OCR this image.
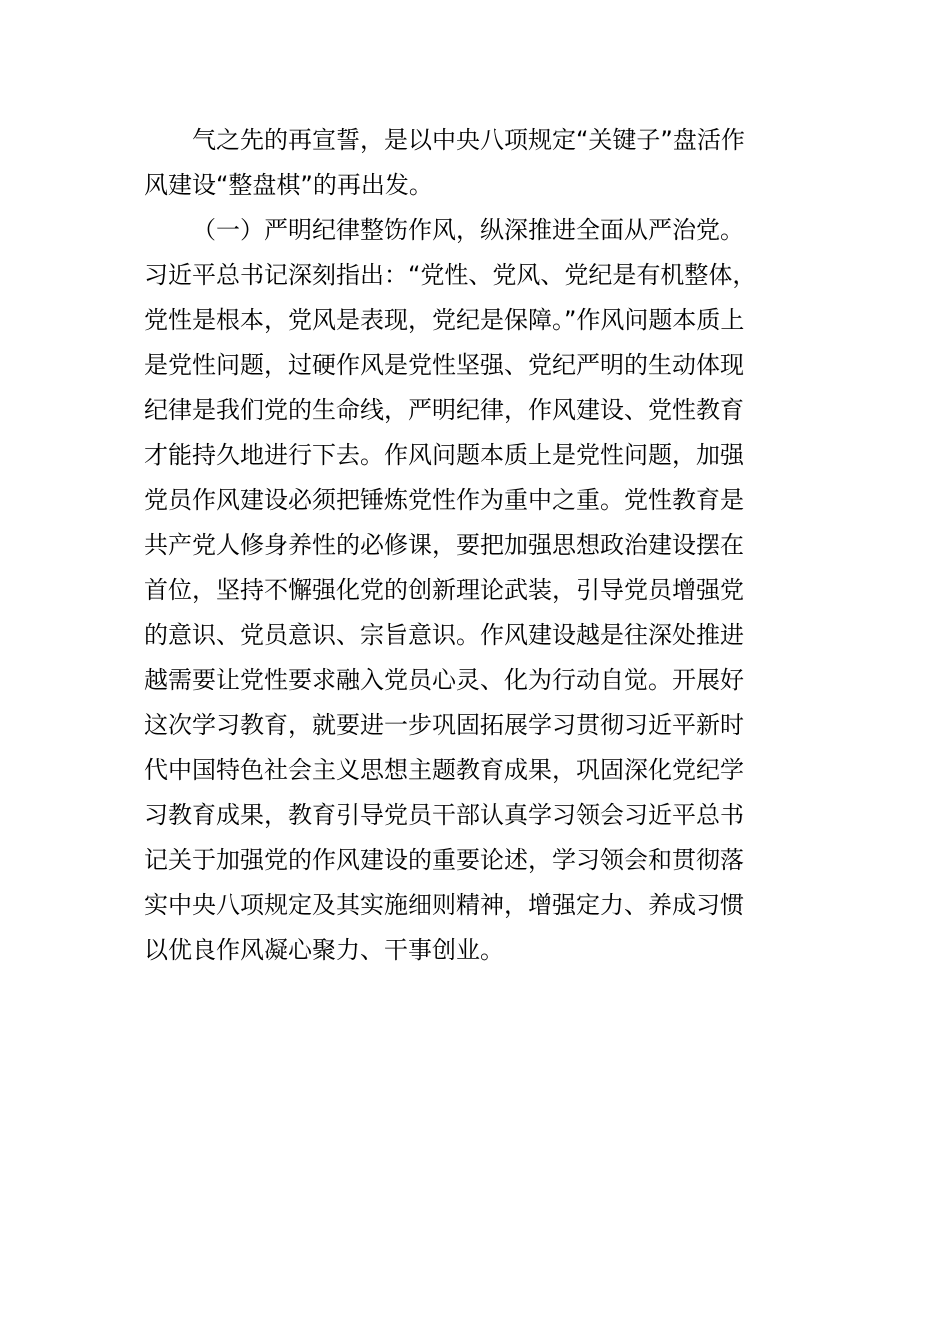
气之先的再宣誓，是以中央八项规定“关键子”盘活作
风建设“整盘棋”的再出发。
（一）严明纪律整饬作风，纵深推进全面从严治党。
习近平总书记深刻指出：“党性、党风、党纪是有机整体，
党性是根本，党风是表现，党纪是保障。”作风问题本质上
是党性问题，过硬作风是党性坚强、党纪严明的生动体现
纪律是我们党的生命线，严明纪律，作风建设、党性教育
才能持久地进行下去。作风问题本质上是党性问题，加强
党员作风建设必须把锤炼党性作为重中之重。党性教育是
共产党人修身养性的必修课，要把加强思想政治建设摆在
首位，坚持不懈强化党的创新理论武装，引导党员增强党
的意识、党员意识、宗旨意识。作风建设越是往深处推进
越需要让党性要求融入党员心灵、化为行动自觉。开展好
这次学习教育，就要进一步巩固拓展学习贯彻习近平新时
代中国特色社会主义思想主题教育成果，巩固深化党纪学
习教育成果，教育引导党员干部认真学习领会习近平总书
记关于加强党的作风建设的重要论述，学习领会和贯彻落
实中央八项规定及其实施细则精神，增强定力、养成习惯
以优良作风凝心聚力、干事创业。
